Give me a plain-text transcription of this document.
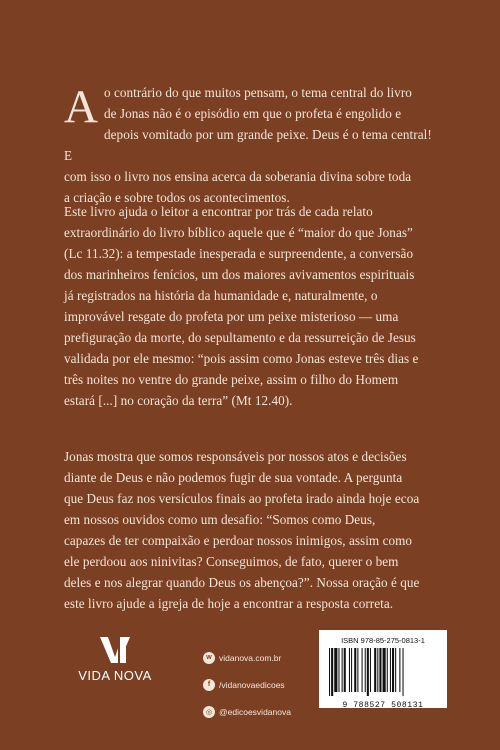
A o contrário do que muitos pensam, o tema central do livro
de Jonas não é o episódio em que o profeta é engolido e
depois vomitado por um grande peixe. Deus é o tema central! E
com isso o livro nos ensina acerca da soberania divina sobre toda
a criação e sobre todos os acontecimentos.
Este livro ajuda o leitor a encontrar por trás de cada relato
extraordinário do livro bíblico aquele que é “maior do que Jonas”
(Lc 11.32): a tempestade inesperada e surpreendente, a conversão
dos marinheiros fenícios, um dos maiores avivamentos espirituais
já registrados na história da humanidade e, naturalmente, o
improvável resgate do profeta por um peixe misterioso — uma
prefiguração da morte, do sepultamento e da ressurreição de Jesus
validada por ele mesmo: “pois assim como Jonas esteve três dias e
três noites no ventre do grande peixe, assim o filho do Homem
estará [...] no coração da terra” (Mt 12.40).
Jonas mostra que somos responsáveis por nossos atos e decisões
diante de Deus e não podemos fugir de sua vontade. A pergunta
que Deus faz nos versículos finais ao profeta irado ainda hoje ecoa
em nossos ouvidos como um desafio: “Somos como Deus,
capazes de ter compaixão e perdoar nossos inimigos, assim como
ele perdoou aos ninivitas? Conseguimos, de fato, querer o bem
deles e nos alegrar quando Deus os abençoa?”. Nossa oração é que
este livro ajude a igreja de hoje a encontrar a resposta correta.
VIDA NOVA
w vidanova.com.br
f	/vidanovaedicoes
◎ @edicoesvidanova
ISBN 978-85-275-0813-1
9 788527 508131
